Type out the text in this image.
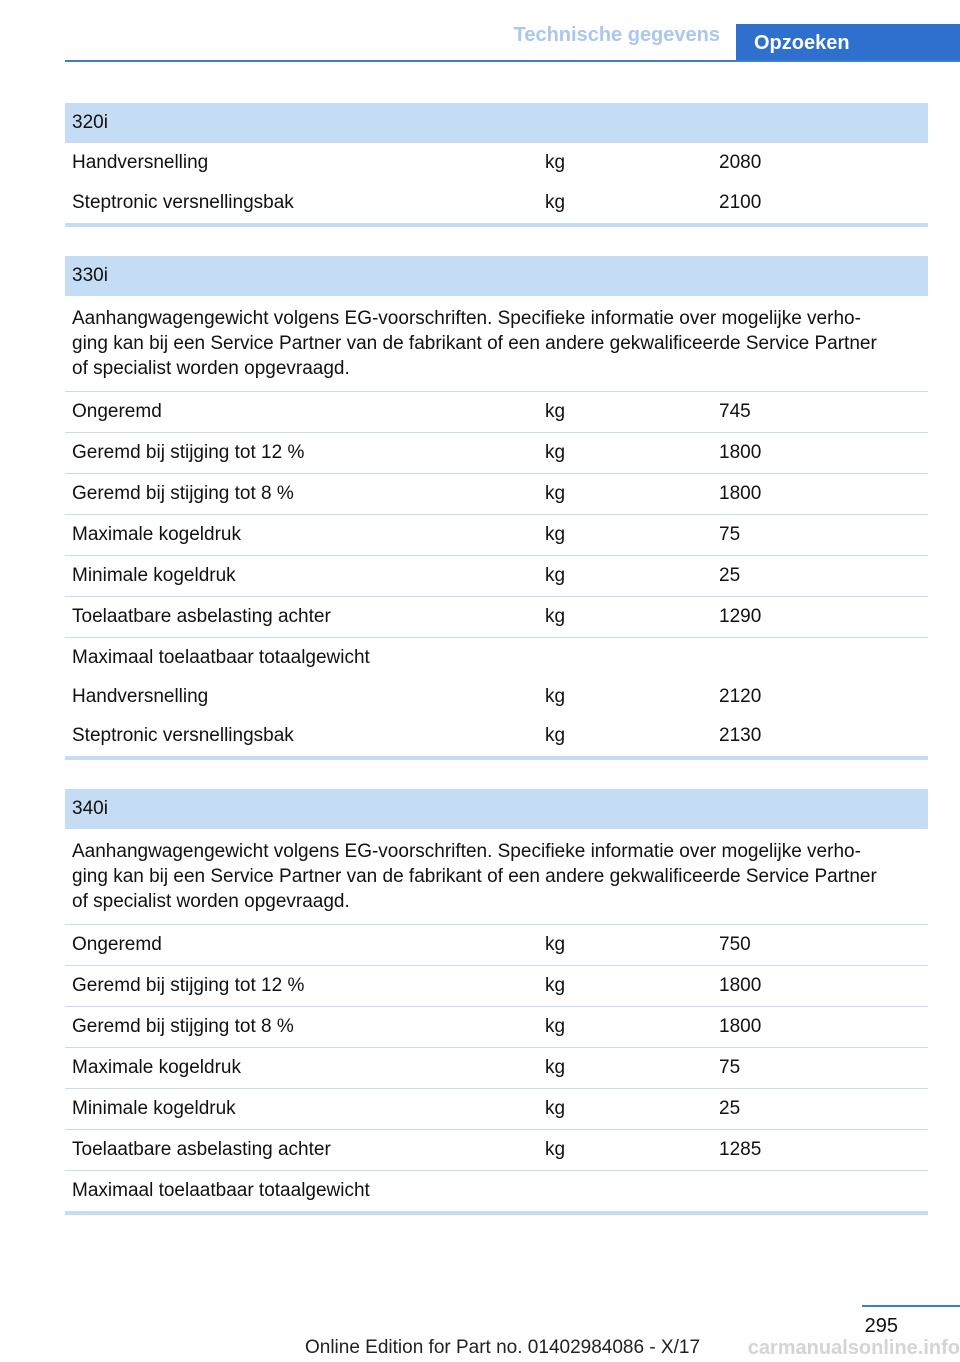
Technische gegevens	Opzoeken
320i
Handversnelling	kg	2080
Steptronic versnellingsbak	kg	2100
330i
Aanhangwagengewicht volgens EG-voorschriften. Specifieke informatie over mogelijke verho-
ging kan bij een Service Partner van de fabrikant of een andere gekwalificeerde Service Partner
of specialist worden opgevraagd.
Ongeremd	kg	745
Geremd bij stijging tot 12 %	kg	1800
Geremd bij stijging tot 8 %	kg	1800
Maximale kogeldruk	kg	75
Minimale kogeldruk	kg	25
Toelaatbare asbelasting achter	kg	1290
Maximaal toelaatbaar totaalgewicht
Handversnelling	kg	2120
Steptronic versnellingsbak	kg	2130
340i
Aanhangwagengewicht volgens EG-voorschriften. Specifieke informatie over mogelijke verho-
ging kan bij een Service Partner van de fabrikant of een andere gekwalificeerde Service Partner
of specialist worden opgevraagd.
Ongeremd	kg	750
Geremd bij stijging tot 12 %	kg	1800
Geremd bij stijging tot 8 %	kg	1800
Maximale kogeldruk	kg	75
Minimale kogeldruk	kg	25
Toelaatbare asbelasting achter	kg	1285
Maximaal toelaatbaar totaalgewicht
295
Online Edition for Part no. 01402984086 - X/17	carmanualsonline.info
